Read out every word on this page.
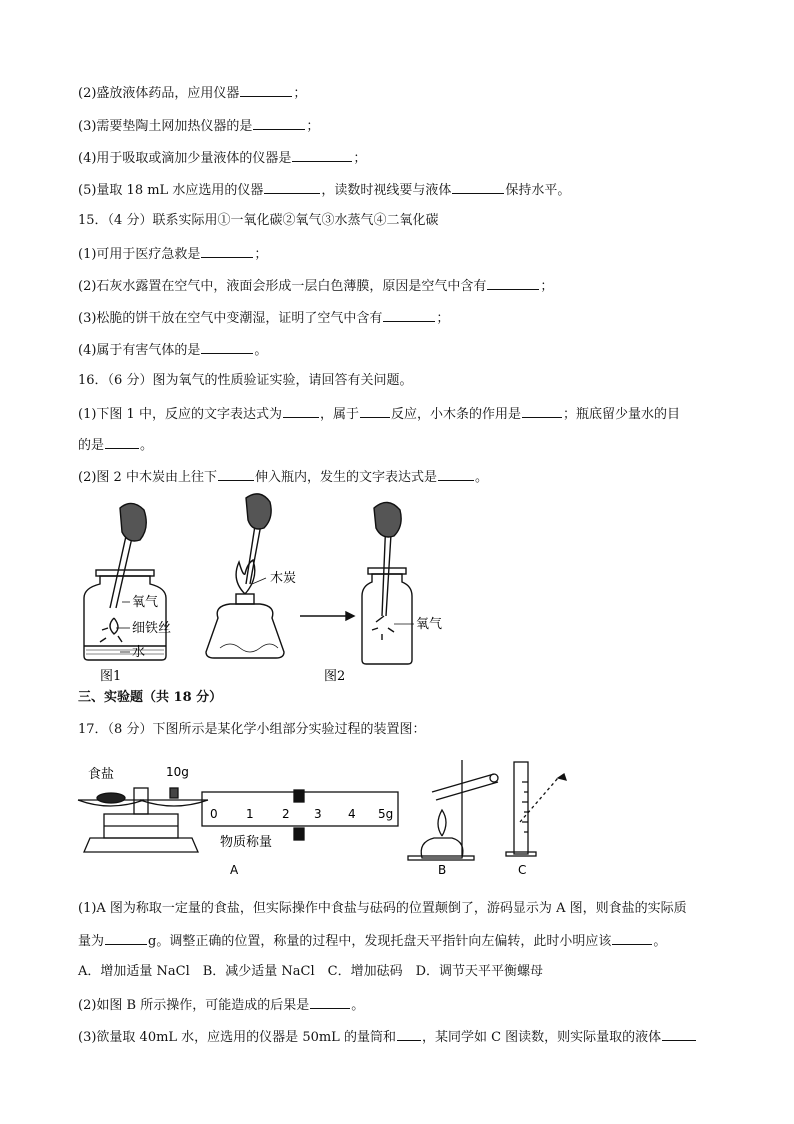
(2)盛放液体药品，应用仪器	；
(3)需要垫陶土网加热仪器的是	；
(4)用于吸取或滴加少量液体的仪器是	；
(5)量取 18 mL 水应选用的仪器	，读数时视线要与液体	保持水平。
15．（4 分）联系实际用①一氧化碳②氧气③水蒸气④二氧化碳
(1)可用于医疗急救是	；
(2)石灰水露置在空气中，液面会形成一层白色薄膜，原因是空气中含有	；
(3)松脆的饼干放在空气中变潮湿，证明了空气中含有	；
(4)属于有害气体的是	。
16．（6 分）图为氧气的性质验证实验，请回答有关问题。
(1)下图 1 中，反应的文字表达式为	，属于 反应，小木条的作用是	；瓶底留少量水的目
的是	。
(2)图 2 中木炭由上往下	伸入瓶内，发生的文字表达式是	。
氧气
细铁丝
水
图1
木炭
氧气
图2
三、实验题（共 18 分）
17．（8 分）下图所示是某化学小组部分实验过程的装置图：
食盐	10g
0 1 2 3 4 5g
物质称量
A	B	C
(1)A 图为称取一定量的食盐，但实际操作中食盐与砝码的位置颠倒了，游码显示为 A 图，则食盐的实际质
量为	g。调整正确的位置，称量的过程中，发现托盘天平指针向左偏转，此时小明应该	。
A．增加适量 NaCl　B．减少适量 NaCl　C．增加砝码　D．调节天平平衡螺母
(2)如图 B 所示操作，可能造成的后果是	。
(3)欲量取 40mL 水，应选用的仪器是 50mL 的量筒和 ，某同学如 C 图读数，则实际量取的液体
